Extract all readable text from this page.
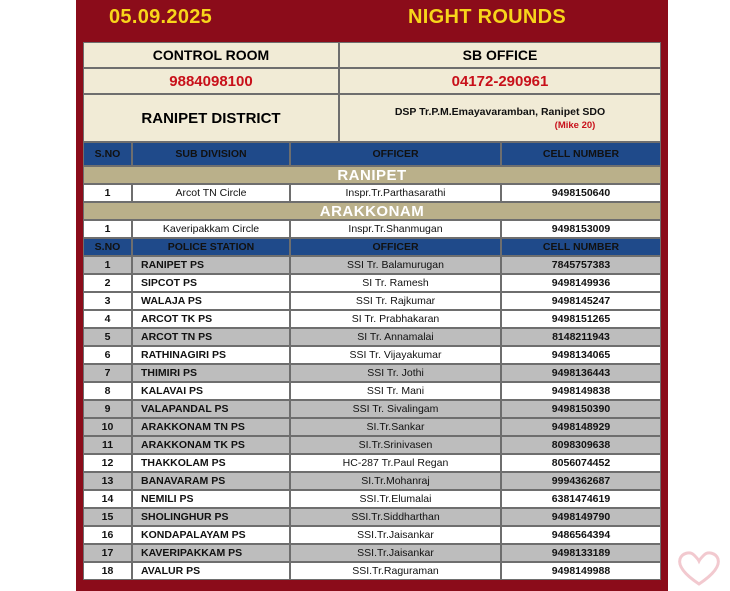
05.09.2025	NIGHT ROUNDS
CONTROL ROOM	SB OFFICE
9884098100	04172-290961
RANIPET DISTRICT	DSP Tr.P.M.Emayavaramban, Ranipet SDO
(Mike 20)
S.NO	SUB DIVISION	OFFICER	CELL NUMBER
RANIPET
1	Arcot TN Circle	Inspr.Tr.Parthasarathi	9498150640
ARAKKONAM
1	Kaveripakkam Circle	Inspr.Tr.Shanmugan	9498153009
S.NO	POLICE STATION	OFFICER	CELL NUMBER
1	RANIPET PS	SSI Tr. Balamurugan	7845757383
2	SIPCOT PS	SI Tr. Ramesh	9498149936
3	WALAJA PS	SSI Tr. Rajkumar	9498145247
4	ARCOT TK PS	SI Tr. Prabhakaran	9498151265
5	ARCOT TN PS	SI Tr. Annamalai	8148211943
6	RATHINAGIRI PS	SSI Tr. Vijayakumar	9498134065
7	THIMIRI PS	SSI Tr. Jothi	9498136443
8	KALAVAI PS	SSI Tr. Mani	9498149838
9	VALAPANDAL PS	SSI Tr. Sivalingam	9498150390
10	ARAKKONAM TN PS	SI.Tr.Sankar	9498148929
11	ARAKKONAM TK PS	SI.Tr.Srinivasen	8098309638
12	THAKKOLAM PS	HC-287 Tr.Paul Regan	8056074452
13	BANAVARAM PS	SI.Tr.Mohanraj	9994362687
14	NEMILI PS	SSI.Tr.Elumalai	6381474619
15	SHOLINGHUR PS	SSI.Tr.Siddharthan	9498149790
16	KONDAPALAYAM PS	SSI.Tr.Jaisankar	9486564394
17	KAVERIPAKKAM PS	SSI.Tr.Jaisankar	9498133189
18	AVALUR PS	SSI.Tr.Raguraman	9498149988
